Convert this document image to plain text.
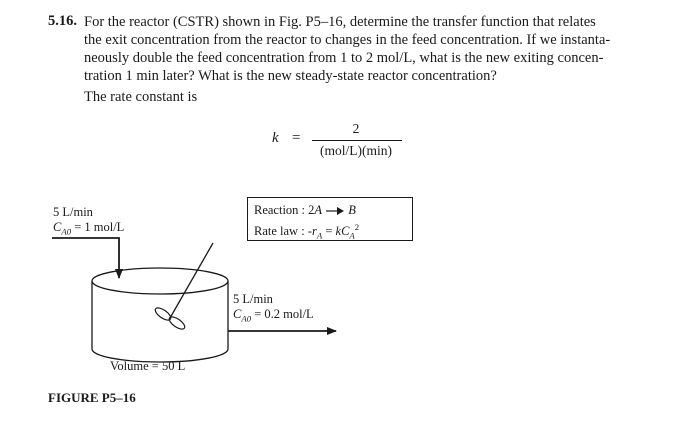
5.16. For the reactor (CSTR) shown in Fig. P5–16, determine the transfer function that relates
the exit concentration from the reactor to changes in the feed concentration. If we instanta-
neously double the feed concentration from 1 to 2 mol/L, what is the new exiting concen-
tration 1 min later? What is the new steady-state reactor concentration?
The rate constant is
k =
2
(mol/L)(min)
5 L/min
$C_{A0} = 1$ mol/L
Reaction : 2A → B
Rate law : $-r_A = kC_A^2$
5 L/min
$C_{A0} = 0.2$ mol/L
Volume = 50 L
FIGURE P5–16
